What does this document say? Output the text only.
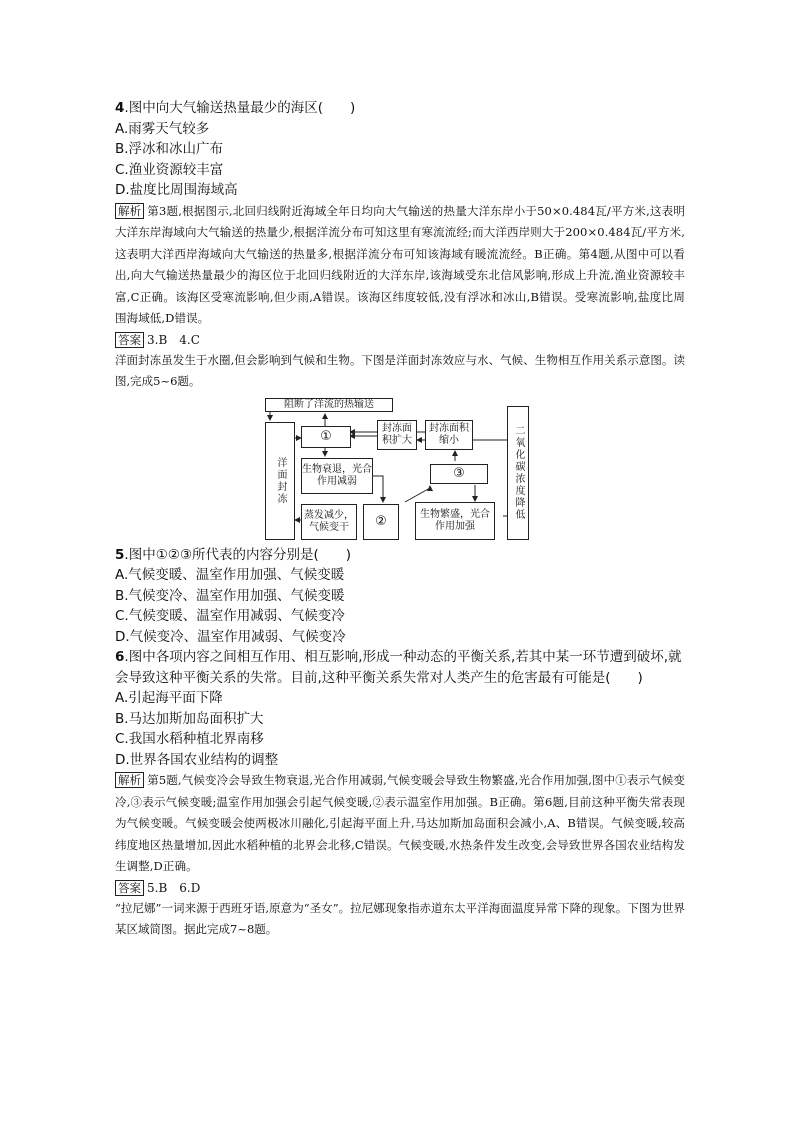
4.图中向大气输送热量最少的海区(　　)

A.雨雾天气较多

B.浮冰和冰山广布

C.渔业资源较丰富

D.盐度比周围海域高

解析 第3题,根据图示,北回归线附近海域全年日均向大气输送的热量大洋东岸小于50×0.484瓦/平方米,这表明大洋东岸海域向大气输送的热量少,根据洋流分布可知这里有寒流流经;而大洋西岸则大于200×0.484瓦/平方米,这表明大洋西岸海域向大气输送的热量多,根据洋流分布可知该海域有暖流流经。B正确。第4题,从图中可以看出,向大气输送热量最少的海区位于北回归线附近的大洋东岸,该海域受东北信风影响,形成上升流,渔业资源较丰富,C正确。该海区受寒流影响,但少雨,A错误。该海区纬度较低,没有浮冰和冰山,B错误。受寒流影响,盐度比周围海域低,D错误。

答案 3.B 4.C

洋面封冻虽发生于水圈,但会影响到气候和生物。下图是洋面封冻效应与水、气候、生物相互作用关系示意图。读图,完成5~6题。

阻断了洋流的热输送
洋面封冻
①
封冻面积扩大
封冻面积缩小
生物衰退，光合作用减弱
③
蒸发减少，气候变干	②	生物繁盛，光合作用加强
二氧化碳浓度降低

5.图中①②③所代表的内容分别是(　　)

A.气候变暖、温室作用加强、气候变暖

B.气候变冷、温室作用加强、气候变暖

C.气候变暖、温室作用减弱、气候变冷

D.气候变冷、温室作用减弱、气候变冷

6.图中各项内容之间相互作用、相互影响,形成一种动态的平衡关系,若其中某一环节遭到破坏,就会导致这种平衡关系的失常。目前,这种平衡关系失常对人类产生的危害最有可能是(　　)

A.引起海平面下降

B.马达加斯加岛面积扩大

C.我国水稻种植北界南移

D.世界各国农业结构的调整

解析 第5题,气候变冷会导致生物衰退,光合作用减弱,气候变暖会导致生物繁盛,光合作用加强,图中①表示气候变冷,③表示气候变暖;温室作用加强会引起气候变暖,②表示温室作用加强。B正确。第6题,目前这种平衡失常表现为气候变暖。气候变暖会使两极冰川融化,引起海平面上升,马达加斯加岛面积会减小,A、B错误。气候变暖,较高纬度地区热量增加,因此水稻种植的北界会北移,C错误。气候变暖,水热条件发生改变,会导致世界各国农业结构发生调整,D正确。

答案 5.B 6.D

“拉尼娜”一词来源于西班牙语,原意为“圣女”。拉尼娜现象指赤道东太平洋海面温度异常下降的现象。下图为世界某区域简图。据此完成7~8题。
